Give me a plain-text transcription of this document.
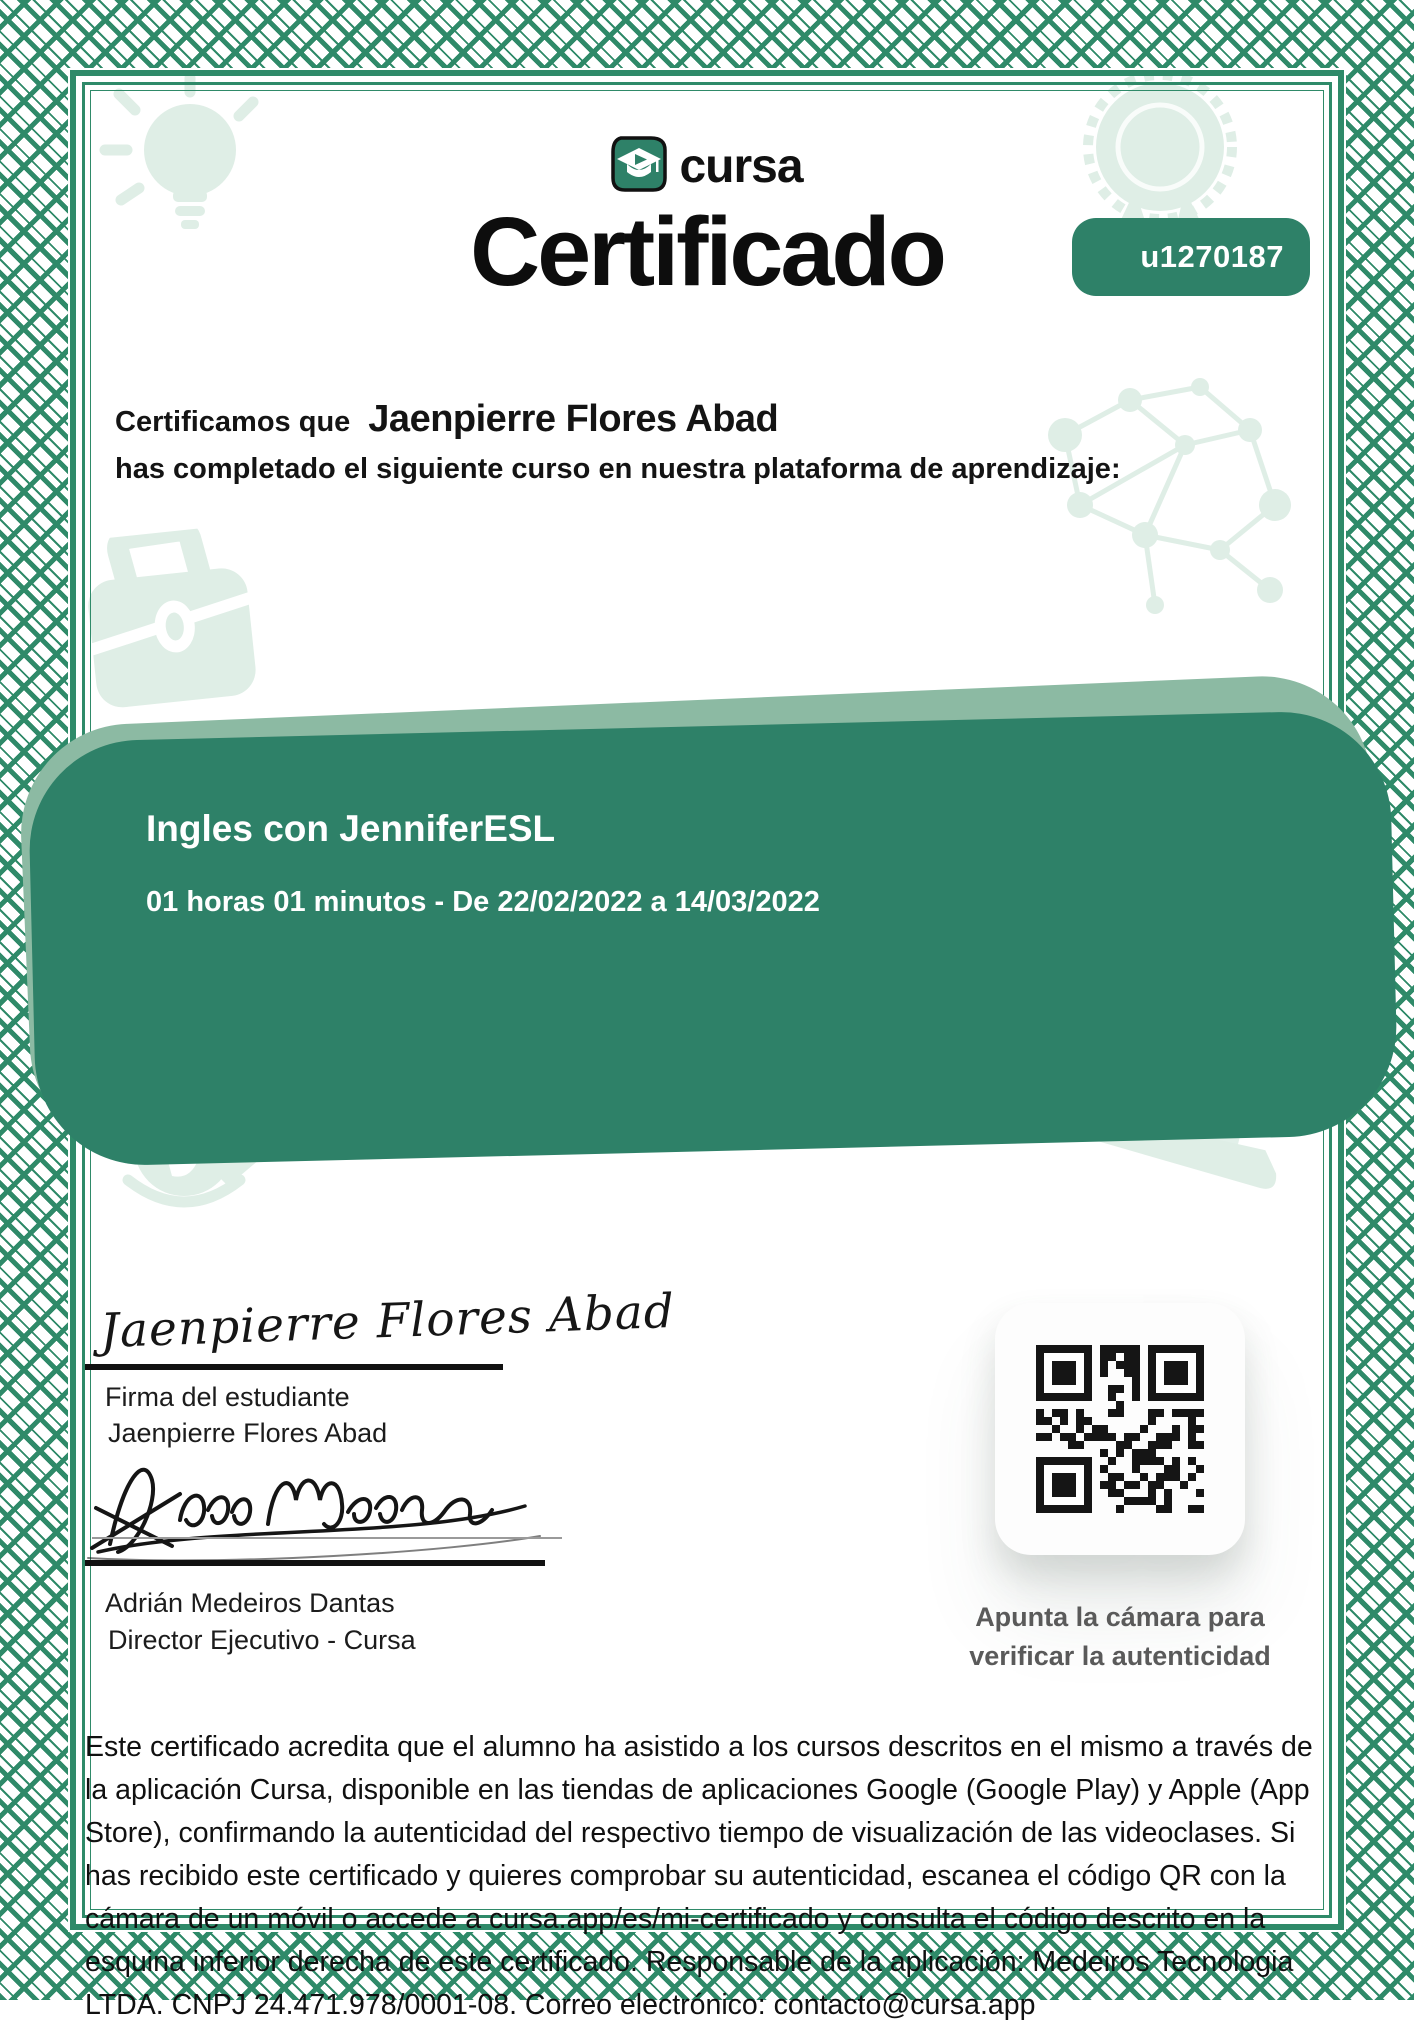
cursa
Certificado	u1270187
Certificamos que Jaenpierre Flores Abad
has completado el siguiente curso en nuestra plataforma de aprendizaje:
Ingles con JenniferESL
01 horas 01 minutos - De 22/02/2022 a 14/03/2022
Jaenpierre Flores Abad
Firma del estudiante
Jaenpierre Flores Abad
Adrián Medeiros Dantas
Director Ejecutivo - Cursa
Apunta la cámara para
verificar la autenticidad
Este certificado acredita que el alumno ha asistido a los cursos descritos en el mismo a través de la aplicación Cursa, disponible en las tiendas de aplicaciones Google (Google Play) y Apple (App Store), confirmando la autenticidad del respectivo tiempo de visualización de las videoclases. Si has recibido este certificado y quieres comprobar su autenticidad, escanea el código QR con la cámara de un móvil o accede a cursa.app/es/mi-certificado y consulta el código descrito en la esquina inferior derecha de este certificado. Responsable de la aplicación: Medeiros Tecnologia LTDA. CNPJ 24.471.978/0001-08. Correo electrónico: contacto@cursa.app
